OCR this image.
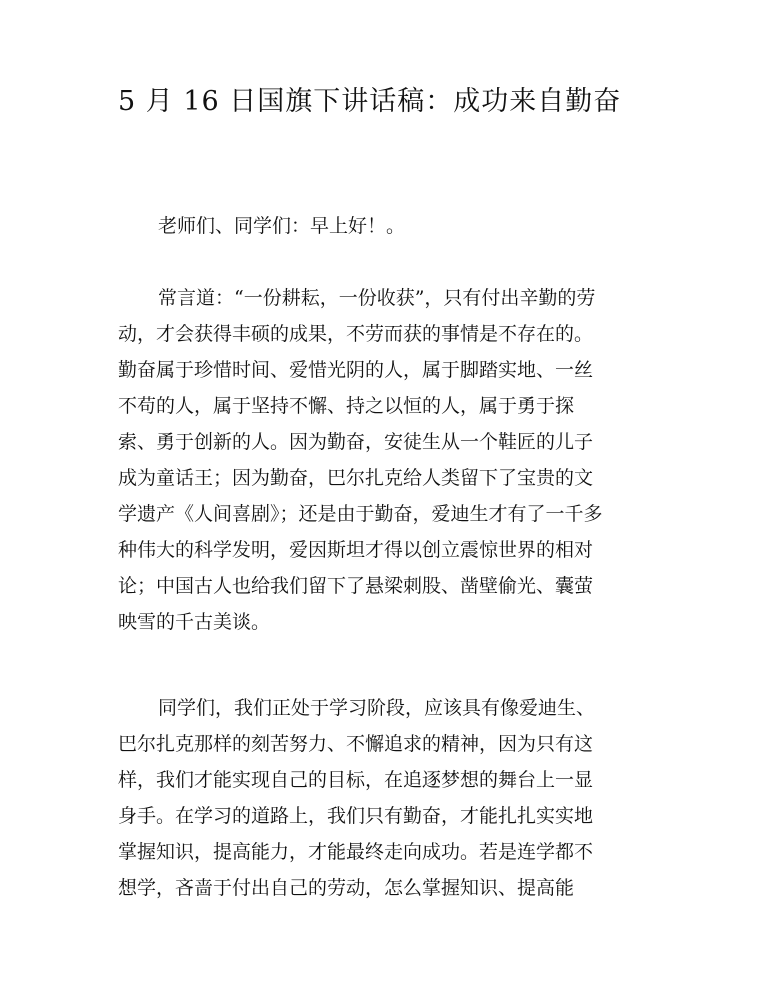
5 月 16 日国旗下讲话稿：成功来自勤奋

老师们、同学们：早上好！。

常言道：“一份耕耘，一份收获”，只有付出辛勤的劳
动，才会获得丰硕的成果，不劳而获的事情是不存在的。
勤奋属于珍惜时间、爱惜光阴的人，属于脚踏实地、一丝
不苟的人，属于坚持不懈、持之以恒的人，属于勇于探
索、勇于创新的人。因为勤奋，安徒生从一个鞋匠的儿子
成为童话王；因为勤奋，巴尔扎克给人类留下了宝贵的文
学遗产《人间喜剧》；还是由于勤奋，爱迪生才有了一千多
种伟大的科学发明，爱因斯坦才得以创立震惊世界的相对
论；中国古人也给我们留下了悬梁刺股、凿壁偷光、囊萤
映雪的千古美谈。

同学们，我们正处于学习阶段，应该具有像爱迪生、
巴尔扎克那样的刻苦努力、不懈追求的精神，因为只有这
样，我们才能实现自己的目标，在追逐梦想的舞台上一显
身手。在学习的道路上，我们只有勤奋，才能扎扎实实地
掌握知识，提高能力，才能最终走向成功。若是连学都不
想学，吝啬于付出自己的劳动，怎么掌握知识、提高能
